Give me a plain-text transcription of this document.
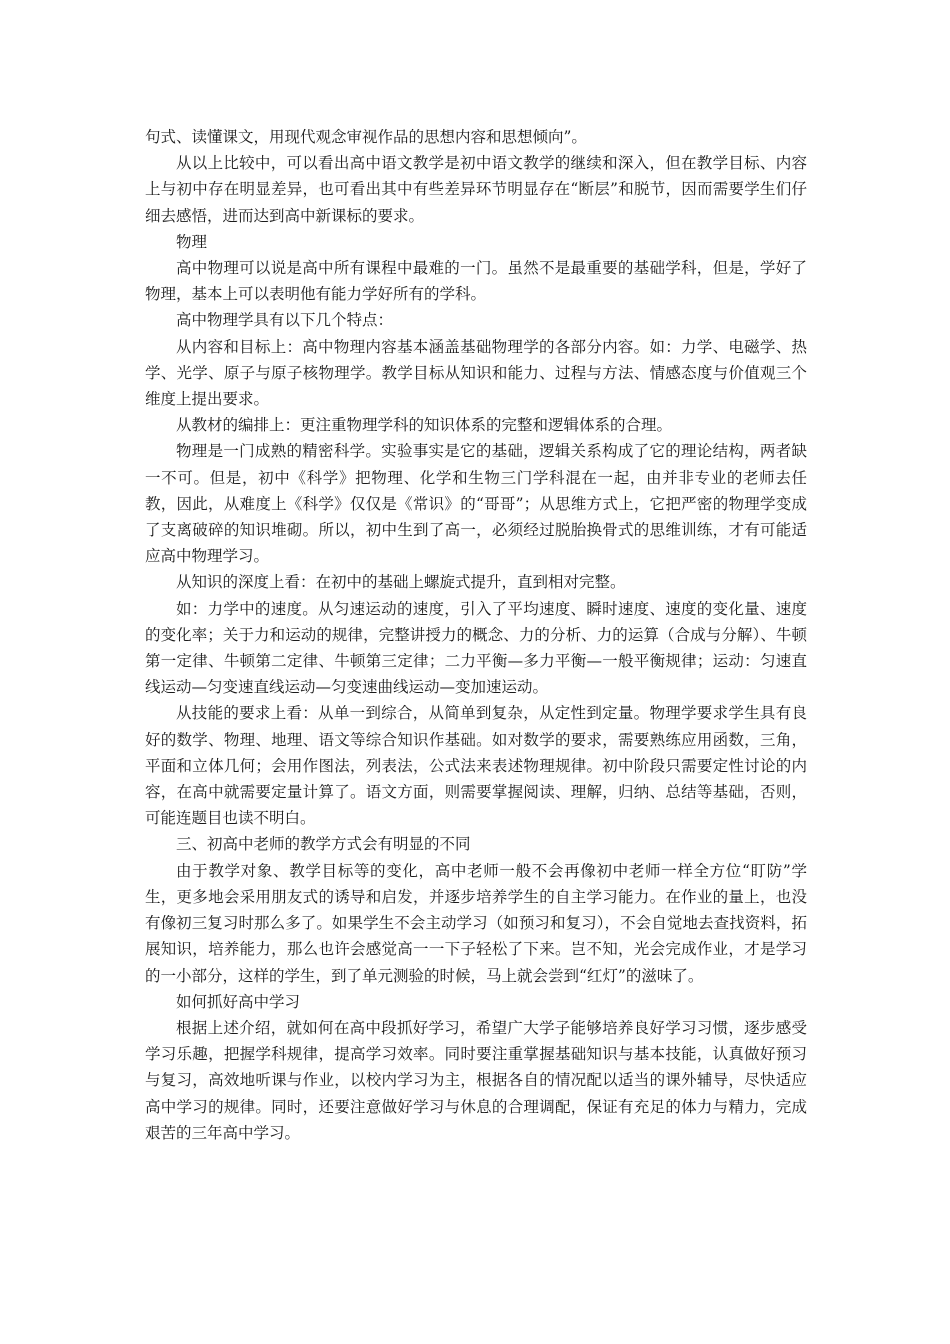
句式、读懂课文，用现代观念审视作品的思想内容和思想倾向”。

从以上比较中，可以看出高中语文教学是初中语文教学的继续和深入，但在教学目标、内容上与初中存在明显差异，也可看出其中有些差异环节明显存在“断层”和脱节，因而需要学生们仔细去感悟，进而达到高中新课标的要求。

物理

高中物理可以说是高中所有课程中最难的一门。虽然不是最重要的基础学科，但是，学好了物理，基本上可以表明他有能力学好所有的学科。

高中物理学具有以下几个特点：

从内容和目标上：高中物理内容基本涵盖基础物理学的各部分内容。如：力学、电磁学、热学、光学、原子与原子核物理学。教学目标从知识和能力、过程与方法、情感态度与价值观三个维度上提出要求。

从教材的编排上：更注重物理学科的知识体系的完整和逻辑体系的合理。

物理是一门成熟的精密科学。实验事实是它的基础，逻辑关系构成了它的理论结构，两者缺一不可。但是，初中《科学》把物理、化学和生物三门学科混在一起，由并非专业的老师去任教，因此，从难度上《科学》仅仅是《常识》的“哥哥”；从思维方式上，它把严密的物理学变成了支离破碎的知识堆砌。所以，初中生到了高一，必须经过脱胎换骨式的思维训练，才有可能适应高中物理学习。

从知识的深度上看：在初中的基础上螺旋式提升，直到相对完整。

如：力学中的速度。从匀速运动的速度，引入了平均速度、瞬时速度、速度的变化量、速度的变化率；关于力和运动的规律，完整讲授力的概念、力的分析、力的运算（合成与分解）、牛顿第一定律、牛顿第二定律、牛顿第三定律；二力平衡—多力平衡—一般平衡规律；运动：匀速直线运动—匀变速直线运动—匀变速曲线运动—变加速运动。

从技能的要求上看：从单一到综合，从简单到复杂，从定性到定量。物理学要求学生具有良好的数学、物理、地理、语文等综合知识作基础。如对数学的要求，需要熟练应用函数，三角，平面和立体几何；会用作图法，列表法，公式法来表述物理规律。初中阶段只需要定性讨论的内容，在高中就需要定量计算了。语文方面，则需要掌握阅读、理解，归纳、总结等基础，否则，可能连题目也读不明白。

三、初高中老师的教学方式会有明显的不同

由于教学对象、教学目标等的变化，高中老师一般不会再像初中老师一样全方位“盯防”学生，更多地会采用朋友式的诱导和启发，并逐步培养学生的自主学习能力。在作业的量上，也没有像初三复习时那么多了。如果学生不会主动学习（如预习和复习），不会自觉地去查找资料，拓展知识，培养能力，那么也许会感觉高一一下子轻松了下来。岂不知，光会完成作业，才是学习的一小部分，这样的学生，到了单元测验的时候，马上就会尝到“红灯”的滋味了。

如何抓好高中学习

根据上述介绍，就如何在高中段抓好学习，希望广大学子能够培养良好学习习惯，逐步感受学习乐趣，把握学科规律，提高学习效率。同时要注重掌握基础知识与基本技能，认真做好预习与复习，高效地听课与作业，以校内学习为主，根据各自的情况配以适当的课外辅导，尽快适应高中学习的规律。同时，还要注意做好学习与休息的合理调配，保证有充足的体力与精力，完成艰苦的三年高中学习。
